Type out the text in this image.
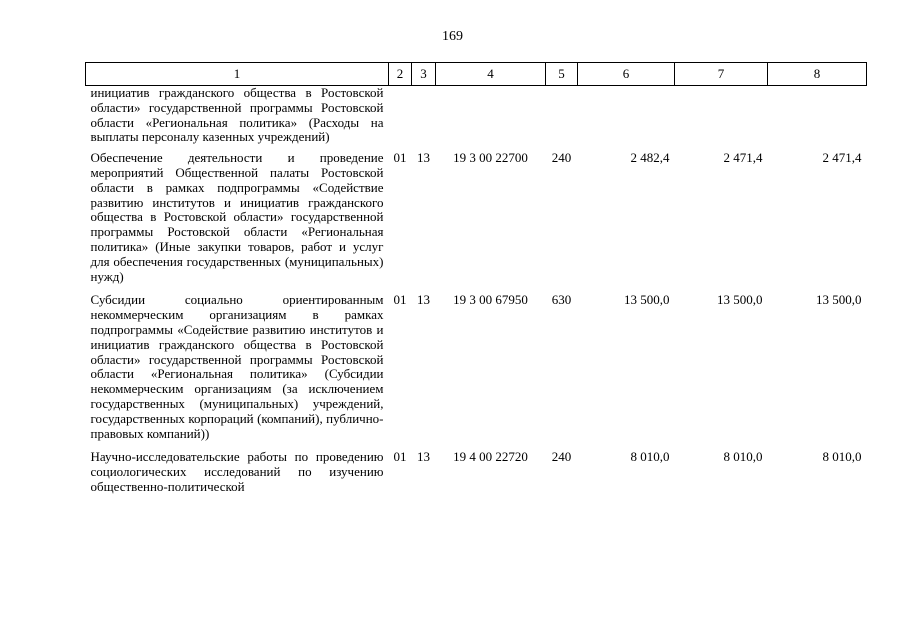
169
1	2	3	4	5	6	7	8
инициатив гражданского общества в Ростовской области» государственной программы Ростовской области «Региональная политика» (Расходы на выплаты персоналу казенных учреждений)							
Обеспечение деятельности и проведение мероприятий Общественной палаты Ростовской области в рамках подпрограммы «Содействие развитию институтов и инициатив гражданского общества в Ростовской области» государственной программы Ростовской области «Региональная политика» (Иные закупки товаров, работ и услуг для обеспечения государственных (муниципальных) нужд)	01	13	19 3 00 22700	240	2 482,4	2 471,4	2 471,4
Субсидии социально ориентированным некоммерческим организациям в рамках подпрограммы «Содействие развитию институтов и инициатив гражданского общества в Ростовской области» государственной программы Ростовской области «Региональная политика» (Субсидии некоммерческим организациям (за исключением государственных (муниципальных) учреждений, государственных корпораций (компаний), публично-правовых компаний))	01	13	19 3 00 67950	630	13 500,0	13 500,0	13 500,0
Научно-исследовательские работы по проведению социологических исследований по изучению общественно-политической	01	13	19 4 00 22720	240	8 010,0	8 010,0	8 010,0
